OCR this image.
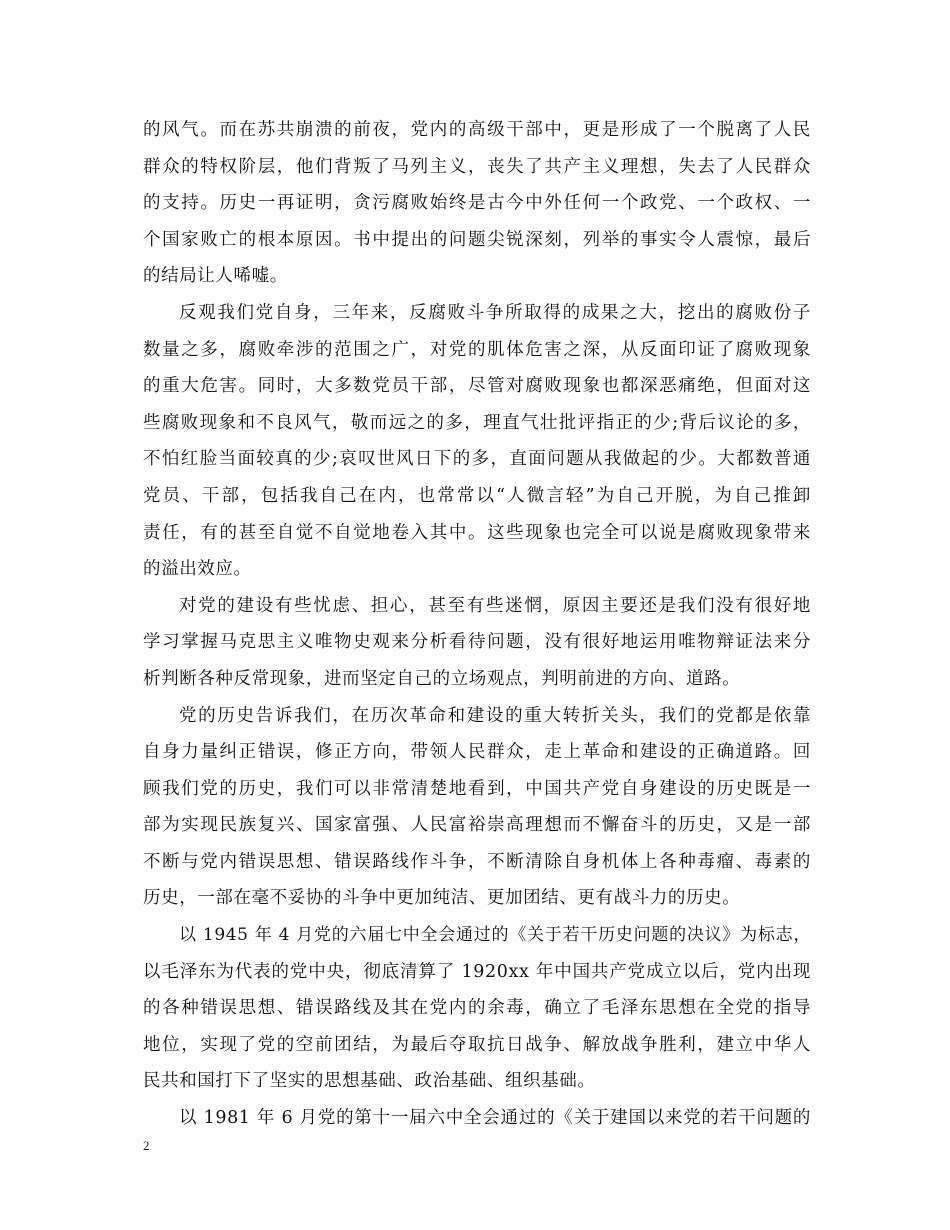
的风气。而在苏共崩溃的前夜，党内的高级干部中，更是形成了一个脱离了人民
群众的特权阶层，他们背叛了马列主义，丧失了共产主义理想，失去了人民群众
的支持。历史一再证明，贪污腐败始终是古今中外任何一个政党、一个政权、一
个国家败亡的根本原因。书中提出的问题尖锐深刻，列举的事实令人震惊，最后
的结局让人唏嘘。
反观我们党自身，三年来，反腐败斗争所取得的成果之大，挖出的腐败份子
数量之多，腐败牵涉的范围之广，对党的肌体危害之深，从反面印证了腐败现象
的重大危害。同时，大多数党员干部，尽管对腐败现象也都深恶痛绝，但面对这
些腐败现象和不良风气，敬而远之的多，理直气壮批评指正的少;背后议论的多，
不怕红脸当面较真的少;哀叹世风日下的多，直面问题从我做起的少。大都数普通
党员、干部，包括我自己在内，也常常以“人微言轻”为自己开脱，为自己推卸
责任，有的甚至自觉不自觉地卷入其中。这些现象也完全可以说是腐败现象带来
的溢出效应。
对党的建设有些忧虑、担心，甚至有些迷惘，原因主要还是我们没有很好地
学习掌握马克思主义唯物史观来分析看待问题，没有很好地运用唯物辩证法来分
析判断各种反常现象，进而坚定自己的立场观点，判明前进的方向、道路。
党的历史告诉我们，在历次革命和建设的重大转折关头，我们的党都是依靠
自身力量纠正错误，修正方向，带领人民群众，走上革命和建设的正确道路。回
顾我们党的历史，我们可以非常清楚地看到，中国共产党自身建设的历史既是一
部为实现民族复兴、国家富强、人民富裕崇高理想而不懈奋斗的历史，又是一部
不断与党内错误思想、错误路线作斗争，不断清除自身机体上各种毒瘤、毒素的
历史，一部在毫不妥协的斗争中更加纯洁、更加团结、更有战斗力的历史。
以 1945 年 4 月党的六届七中全会通过的《关于若干历史问题的决议》为标志，
以毛泽东为代表的党中央，彻底清算了 1920xx 年中国共产党成立以后，党内出现
的各种错误思想、错误路线及其在党内的余毒，确立了毛泽东思想在全党的指导
地位，实现了党的空前团结，为最后夺取抗日战争、解放战争胜利，建立中华人
民共和国打下了坚实的思想基础、政治基础、组织基础。
以 1981 年 6 月党的第十一届六中全会通过的《关于建国以来党的若干问题的
2
